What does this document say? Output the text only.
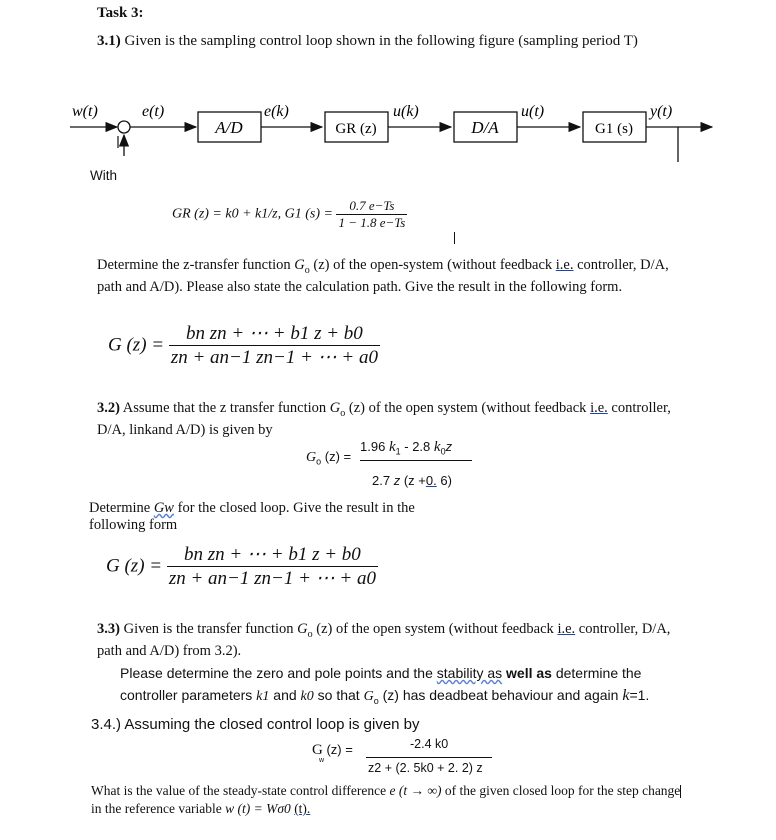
Task 3:
3.1) Given is the sampling control loop shown in the following figure (sampling period T)
w(t)	e(t)	e(k)	u(k)	u(t)	y(t)
A/D	GR (z)	D/A	G1 (s)
With
GR (z) = k0 + k1/z, G1 $(s) = \frac{0.7 e-Ts}{1 - 1.8 e-Ts}$
Determine the z-transfer function $G_o$ (z) of the open-system (without feedback i.e. controller, D/A, path and A/D). Please also state the calculation path. Give the result in the following form.
G $(z) = \frac{\text{bn zn + ⋯ + b1 z + b0}}{zn + an-1 zn-1 + \cdots + a0}$
3.2) Assume that the z transfer function $G_o$ (z) of the open system (without feedback i.e. controller, D/A, linkand A/D) is given by
$G_o$ (z) =
1.96 $k_1 - 2.8$ $k_0z$
2.7 z (z +0. 6)
Determine Gw for the closed loop. Give the result in the following form
G $(z) = \frac{\text{bn zn + ⋯ + b1 z + b0}}{zn + an-1 zn-1 + \cdots + a0}$
3.3) Given is the transfer function $G_o$ (z) of the open system (without feedback i.e. controller, D/A, path and A/D) from 3.2).
Please determine the zero and pole points and the stability as well as determine the controller parameters k1 and k0 so that $G_o$ (z) has deadbeat behaviour and again k=1.
3.4.) Assuming the closed control loop is given by
G (z) =
w
-2.4 k0
z2 + (2. 5k0 + 2. 2) z
What is the value of the steady-state control difference e (t → ∞) of the given closed loop for the step change in the reference variable w (t) = Wσ0 (t).
